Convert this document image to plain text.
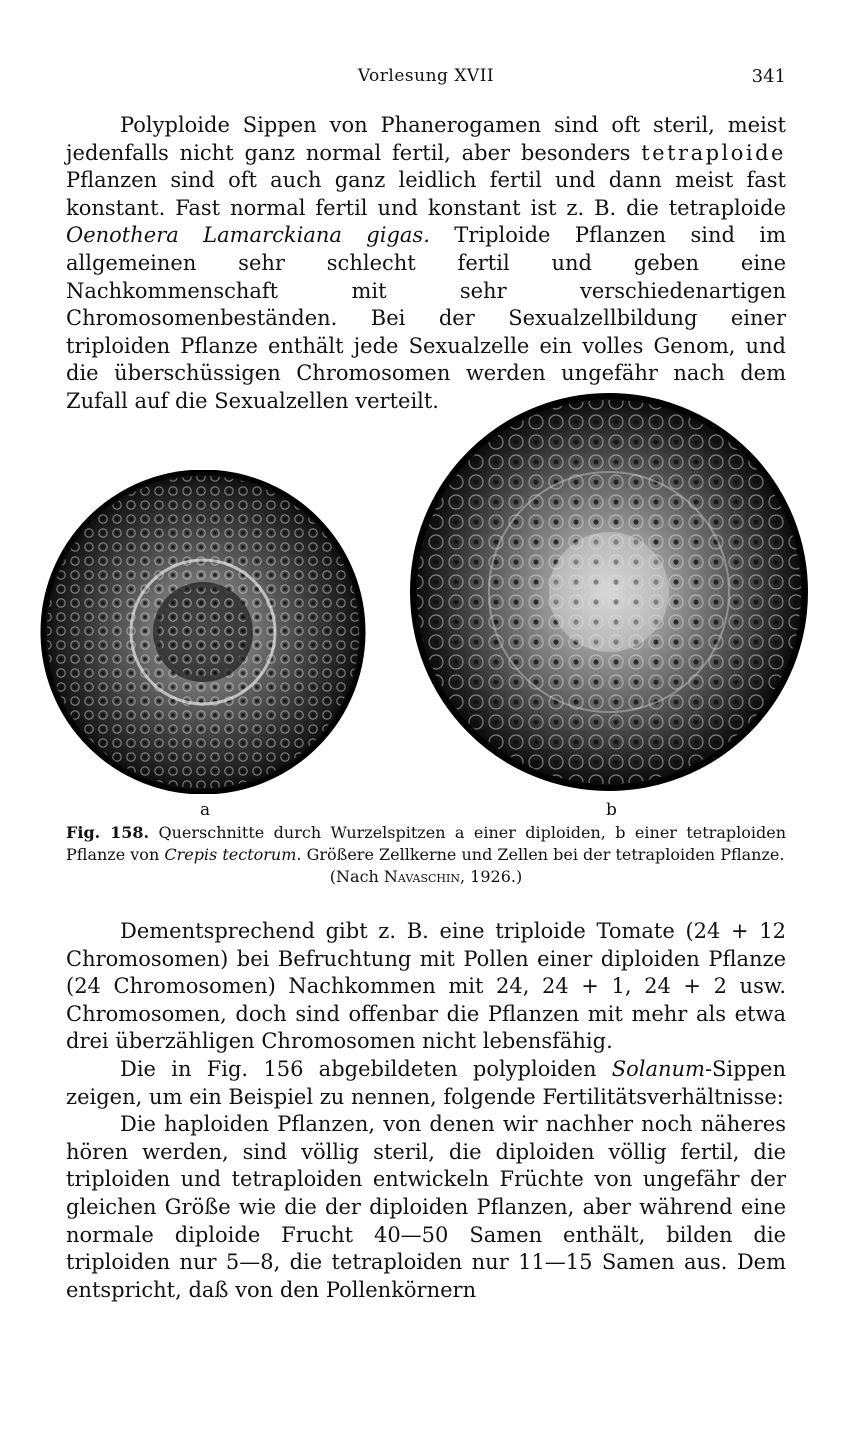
Vorlesung XVII	341

Polyploide Sippen von Phanerogamen sind oft steril, meist jedenfalls nicht ganz normal fertil, aber besonders tetraploide Pflanzen sind oft auch ganz leidlich fertil und dann meist fast konstant. Fast normal fertil und konstant ist z. B. die tetraploide Oenothera Lamarckiana gigas. Triploide Pflanzen sind im allgemeinen sehr schlecht fertil und geben eine Nachkommenschaft mit sehr verschiedenartigen Chromosomenbeständen. Bei der Sexualzellbildung einer triploiden Pflanze enthält jede Sexualzelle ein volles Genom, und die überschüssigen Chromosomen werden ungefähr nach dem Zufall auf die Sexualzellen verteilt.

a	b
Fig. 158. Querschnitte durch Wurzelspitzen a einer diploiden, b einer tetraploiden Pflanze von Crepis tectorum. Größere Zellkerne und Zellen bei der tetraploiden Pflanze.
(Nach Navaschin, 1926.)

Dementsprechend gibt z. B. eine triploide Tomate (24 + 12 Chromosomen) bei Befruchtung mit Pollen einer diploiden Pflanze (24 Chromosomen) Nachkommen mit 24, 24 + 1, 24 + 2 usw. Chromosomen, doch sind offenbar die Pflanzen mit mehr als etwa drei überzähligen Chromosomen nicht lebensfähig.

Die in Fig. 156 abgebildeten polyploiden Solanum-Sippen zeigen, um ein Beispiel zu nennen, folgende Fertilitätsverhältnisse:

Die haploiden Pflanzen, von denen wir nachher noch näheres hören werden, sind völlig steril, die diploiden völlig fertil, die triploiden und tetraploiden entwickeln Früchte von ungefähr der gleichen Größe wie die der diploiden Pflanzen, aber während eine normale diploide Frucht 40—50 Samen enthält, bilden die triploiden nur 5—8, die tetraploiden nur 11—15 Samen aus. Dem entspricht, daß von den Pollenkörnern
